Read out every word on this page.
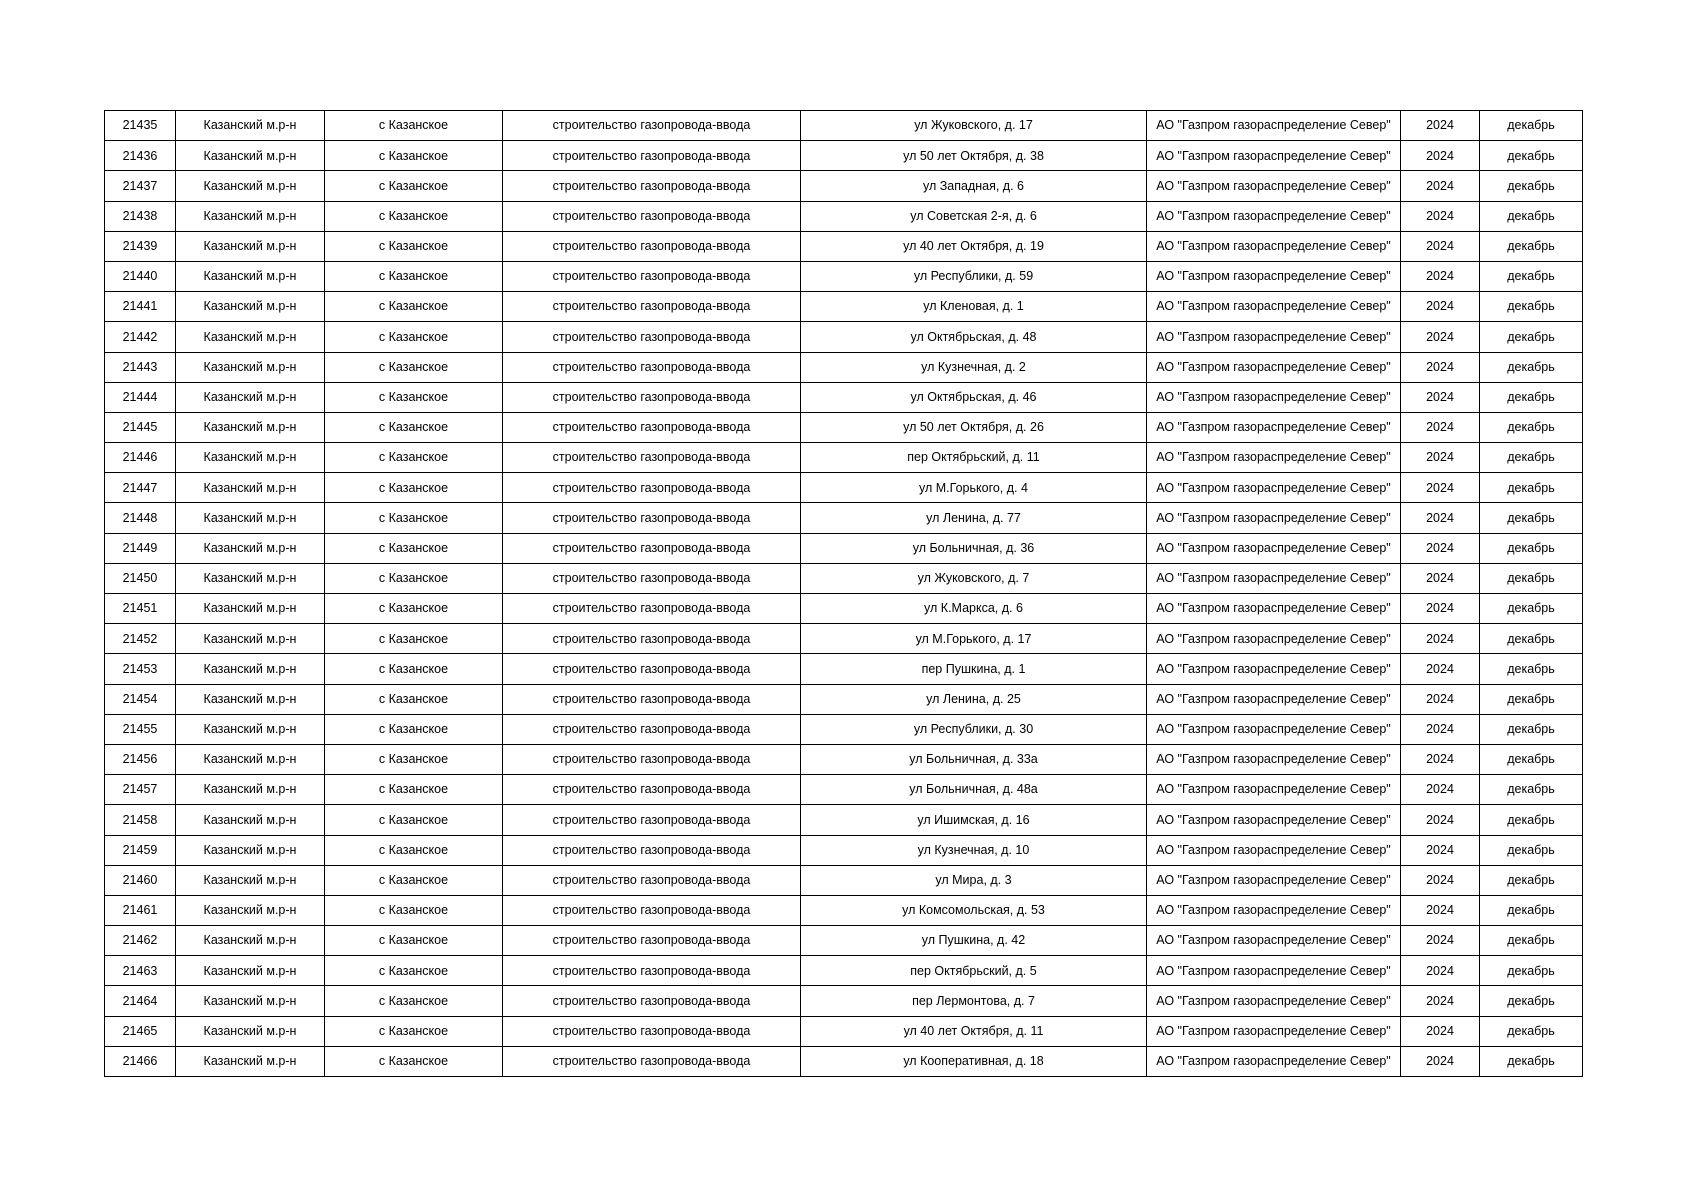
21435	Казанский м.р-н	с Казанское	строительство газопровода-ввода	ул Жуковского, д. 17	АО "Газпром газораспределение Север"	2024	декабрь
21436	Казанский м.р-н	с Казанское	строительство газопровода-ввода	ул 50 лет Октября, д. 38	АО "Газпром газораспределение Север"	2024	декабрь
21437	Казанский м.р-н	с Казанское	строительство газопровода-ввода	ул Западная, д. 6	АО "Газпром газораспределение Север"	2024	декабрь
21438	Казанский м.р-н	с Казанское	строительство газопровода-ввода	ул Советская 2-я, д. 6	АО "Газпром газораспределение Север"	2024	декабрь
21439	Казанский м.р-н	с Казанское	строительство газопровода-ввода	ул 40 лет Октября, д. 19	АО "Газпром газораспределение Север"	2024	декабрь
21440	Казанский м.р-н	с Казанское	строительство газопровода-ввода	ул Республики, д. 59	АО "Газпром газораспределение Север"	2024	декабрь
21441	Казанский м.р-н	с Казанское	строительство газопровода-ввода	ул Кленовая, д. 1	АО "Газпром газораспределение Север"	2024	декабрь
21442	Казанский м.р-н	с Казанское	строительство газопровода-ввода	ул Октябрьская, д. 48	АО "Газпром газораспределение Север"	2024	декабрь
21443	Казанский м.р-н	с Казанское	строительство газопровода-ввода	ул Кузнечная, д. 2	АО "Газпром газораспределение Север"	2024	декабрь
21444	Казанский м.р-н	с Казанское	строительство газопровода-ввода	ул Октябрьская, д. 46	АО "Газпром газораспределение Север"	2024	декабрь
21445	Казанский м.р-н	с Казанское	строительство газопровода-ввода	ул 50 лет Октября, д. 26	АО "Газпром газораспределение Север"	2024	декабрь
21446	Казанский м.р-н	с Казанское	строительство газопровода-ввода	пер Октябрьский, д. 11	АО "Газпром газораспределение Север"	2024	декабрь
21447	Казанский м.р-н	с Казанское	строительство газопровода-ввода	ул М.Горького, д. 4	АО "Газпром газораспределение Север"	2024	декабрь
21448	Казанский м.р-н	с Казанское	строительство газопровода-ввода	ул Ленина, д. 77	АО "Газпром газораспределение Север"	2024	декабрь
21449	Казанский м.р-н	с Казанское	строительство газопровода-ввода	ул Больничная, д. 36	АО "Газпром газораспределение Север"	2024	декабрь
21450	Казанский м.р-н	с Казанское	строительство газопровода-ввода	ул Жуковского, д. 7	АО "Газпром газораспределение Север"	2024	декабрь
21451	Казанский м.р-н	с Казанское	строительство газопровода-ввода	ул К.Маркса, д. 6	АО "Газпром газораспределение Север"	2024	декабрь
21452	Казанский м.р-н	с Казанское	строительство газопровода-ввода	ул М.Горького, д. 17	АО "Газпром газораспределение Север"	2024	декабрь
21453	Казанский м.р-н	с Казанское	строительство газопровода-ввода	пер Пушкина, д. 1	АО "Газпром газораспределение Север"	2024	декабрь
21454	Казанский м.р-н	с Казанское	строительство газопровода-ввода	ул Ленина, д. 25	АО "Газпром газораспределение Север"	2024	декабрь
21455	Казанский м.р-н	с Казанское	строительство газопровода-ввода	ул Республики, д. 30	АО "Газпром газораспределение Север"	2024	декабрь
21456	Казанский м.р-н	с Казанское	строительство газопровода-ввода	ул Больничная, д. 33а	АО "Газпром газораспределение Север"	2024	декабрь
21457	Казанский м.р-н	с Казанское	строительство газопровода-ввода	ул Больничная, д. 48а	АО "Газпром газораспределение Север"	2024	декабрь
21458	Казанский м.р-н	с Казанское	строительство газопровода-ввода	ул Ишимская, д. 16	АО "Газпром газораспределение Север"	2024	декабрь
21459	Казанский м.р-н	с Казанское	строительство газопровода-ввода	ул Кузнечная, д. 10	АО "Газпром газораспределение Север"	2024	декабрь
21460	Казанский м.р-н	с Казанское	строительство газопровода-ввода	ул Мира, д. 3	АО "Газпром газораспределение Север"	2024	декабрь
21461	Казанский м.р-н	с Казанское	строительство газопровода-ввода	ул Комсомольская, д. 53	АО "Газпром газораспределение Север"	2024	декабрь
21462	Казанский м.р-н	с Казанское	строительство газопровода-ввода	ул Пушкина, д. 42	АО "Газпром газораспределение Север"	2024	декабрь
21463	Казанский м.р-н	с Казанское	строительство газопровода-ввода	пер Октябрьский, д. 5	АО "Газпром газораспределение Север"	2024	декабрь
21464	Казанский м.р-н	с Казанское	строительство газопровода-ввода	пер Лермонтова, д. 7	АО "Газпром газораспределение Север"	2024	декабрь
21465	Казанский м.р-н	с Казанское	строительство газопровода-ввода	ул 40 лет Октября, д. 11	АО "Газпром газораспределение Север"	2024	декабрь
21466	Казанский м.р-н	с Казанское	строительство газопровода-ввода	ул Кооперативная, д. 18	АО "Газпром газораспределение Север"	2024	декабрь
